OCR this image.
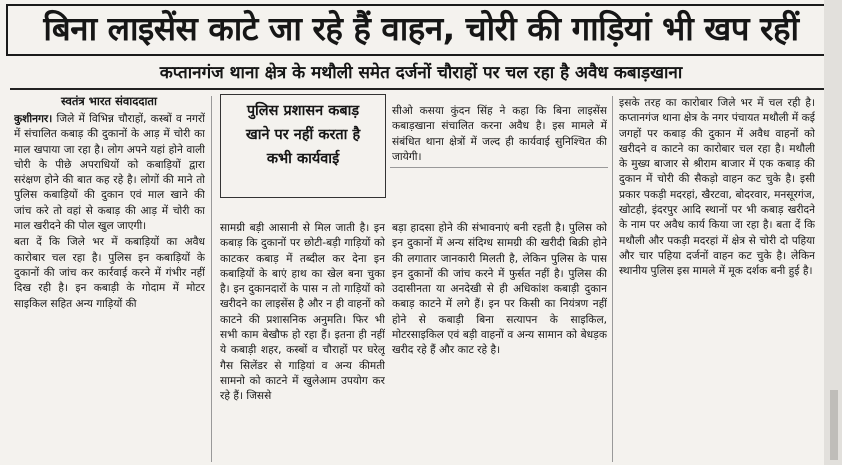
बिना लाइसेंस काटे जा रहे हैं वाहन, चोरी की गाड़ियां भी खप रहीं
कप्तानगंज थाना क्षेत्र के मथौली समेत दर्जनों चौराहों पर चल रहा है अवैध कबाड़खाना
स्वतंत्र भारत संवाददाता

कुशीनगर। जिले में विभिन्न चौराहों, कस्बों व नगरों में संचालित कबाड़ की दुकानों के आड़ में चोरी का माल खपाया जा रहा है। लोग अपने यहां होने वाली चोरी के पीछे अपराधियों को कबाड़ियों द्वारा सरंक्षण होने की बात कह रहे है। लोगों की माने तो पुलिस कबाड़ियों की दुकान एवं माल खाने की जांच करे तो वहां से कबाड़ की आड़ में चोरी का माल खरीदने की पोल खुल जाएगी।

बता दें कि जिले भर में कबाड़ियों का अवैध कारोबार चल रहा है। पुलिस इन कबाड़ियों के दुकानों की जांच कर कार्रवाई करने में गंभीर नहीं दिख रही है। इन कबाड़ी के गोदाम में मोटर साइकिल सहित अन्य गाड़ियों की

पुलिस प्रशासन कबाड़
खाने पर नहीं करता है
कभी कार्यवाई

सामग्री बड़ी आसानी से मिल जाती है। इन कबाड़ कि दुकानों पर छोटी-बड़ी गाड़ियों को काटकर कबाड़ में तब्दील कर देना इन कबाड़ियों के बाएं हाथ का खेल बना चुका है। इन दुकानदारों के पास न तो गाड़ियों को खरीदने का लाइसेंस है और न ही वाहनों को काटने की प्रशासनिक अनुमति। फिर भी सभी काम बेखौफ हो रहा हैं। इतना ही नहीं ये कबाड़ी शहर, कस्बों व चौराहों पर घरेलू गैस सिलेंडर से गाड़ियां व अन्य कीमती सामनो को काटने में खुलेआम उपयोग कर रहे हैं। जिससे

सीओ कसया कुंदन सिंह ने कहा कि बिना लाइसेंस कबाड़खाना संचालित करना अवैध है। इस मामले में संबंधित थाना क्षेत्रों में जल्द ही कार्यवाई सुनिश्चित की जायेगी।

बड़ा हादसा होने की संभावनाएं बनी रहती है। पुलिस को इन दुकानों में अन्य संदिग्ध सामग्री की खरीदी बिक्री होने की लगातार जानकारी मिलती है, लेकिन पुलिस के पास इन दुकानों की जांच करने में फुर्सत नहीं है। पुलिस की उदासीनता या अनदेखी से ही अधिकांश कबाड़ी दुकान कबाड़ काटने में लगे हैं। इन पर किसी का नियंत्रण नहीं होने से कबाड़ी बिना सत्यापन के साइकिल, मोटरसाइकिल एवं बड़ी वाहनों व अन्य सामान को बेधड़क खरीद रहे हैं और काट रहे है।

इसके तरह का कारोबार जिले भर में चल रही है। कप्तानगंज थाना क्षेत्र के नगर पंचायत मथौली में कई जगहों पर कबाड़ की दुकान में अवैध वाहनों को खरीदने व काटने का कारोबार चल रहा है। मथौली के मुख्य बाजार से श्रीराम बाजार में एक कबाड़ की दुकान में चोरी की सैकड़ो वाहन कट चुके है। इसी प्रकार पकड़ी मदरहां, खैरटवा, बोदरवार, मनसूरगंज, खोटही, इंदरपुर आदि स्थानों पर भी कबाड़ खरीदने के नाम पर अवैध कार्य किया जा रहा है। बता दें कि मथौली और पकड़ी मदरहां में क्षेत्र से चोरी दो पहिया और चार पहिया दर्जनों वाहन कट चुके है। लेकिन स्थानीय पुलिस इस मामले में मूक दर्शक बनी हुई है।
